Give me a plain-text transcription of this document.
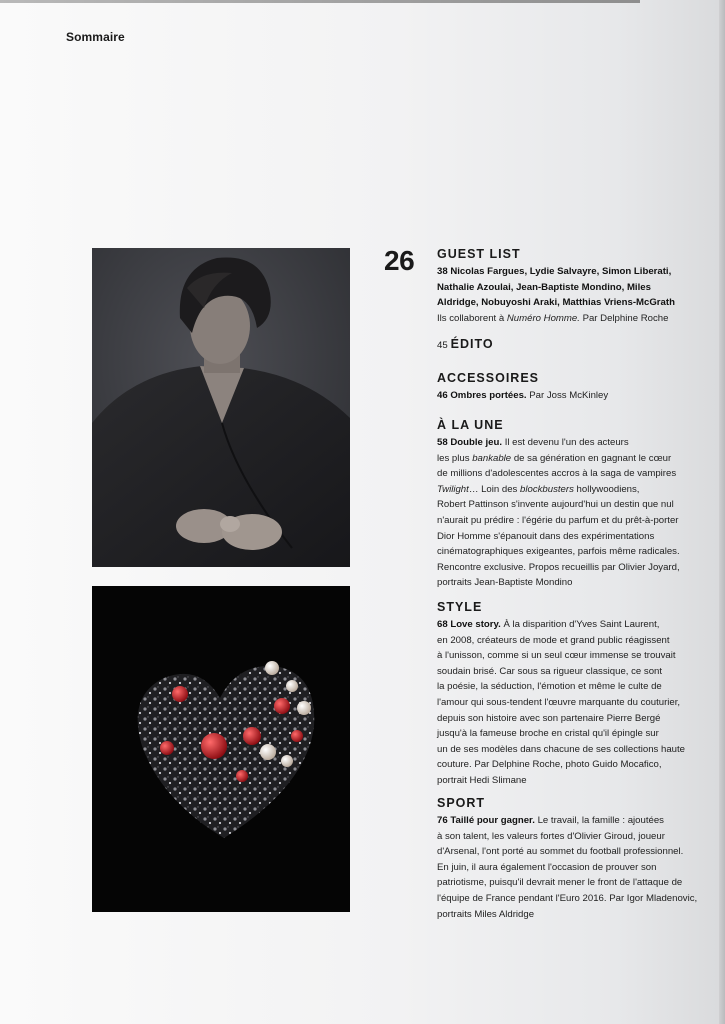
Sommaire
26 GUEST LIST
38 Nicolas Fargues, Lydie Salvayre, Simon Liberati,
Nathalie Azoulai, Jean-Baptiste Mondino, Miles
Aldridge, Nobuyoshi Araki, Matthias Vriens-McGrath
Ils collaborent à Numéro Homme. Par Delphine Roche
45 ÉDITO
ACCESSOIRES
46 Ombres portées. Par Joss McKinley
À LA UNE
58 Double jeu. Il est devenu l'un des acteurs
les plus bankable de sa génération en gagnant le cœur
de millions d'adolescentes accros à la saga de vampires
Twilight… Loin des blockbusters hollywoodiens,
Robert Pattinson s'invente aujourd'hui un destin que nul
n'aurait pu prédire : l'égérie du parfum et du prêt-à-porter
Dior Homme s'épanouit dans des expérimentations
cinématographiques exigeantes, parfois même radicales.
Rencontre exclusive. Propos recueillis par Olivier Joyard,
portraits Jean-Baptiste Mondino
STYLE
68 Love story. À la disparition d'Yves Saint Laurent,
en 2008, créateurs de mode et grand public réagissent
à l'unisson, comme si un seul cœur immense se trouvait
soudain brisé. Car sous sa rigueur classique, ce sont
la poésie, la séduction, l'émotion et même le culte de
l'amour qui sous-tendent l'œuvre marquante du couturier,
depuis son histoire avec son partenaire Pierre Bergé
jusqu'à la fameuse broche en cristal qu'il épingle sur
un de ses modèles dans chacune de ses collections haute
couture. Par Delphine Roche, photo Guido Mocafico,
portrait Hedi Slimane
SPORT
76 Taillé pour gagner. Le travail, la famille : ajoutées
à son talent, les valeurs fortes d'Olivier Giroud, joueur
d'Arsenal, l'ont porté au sommet du football professionnel.
En juin, il aura également l'occasion de prouver son
patriotisme, puisqu'il devrait mener le front de l'attaque de
l'équipe de France pendant l'Euro 2016. Par Igor Mladenovic,
portraits Miles Aldridge
